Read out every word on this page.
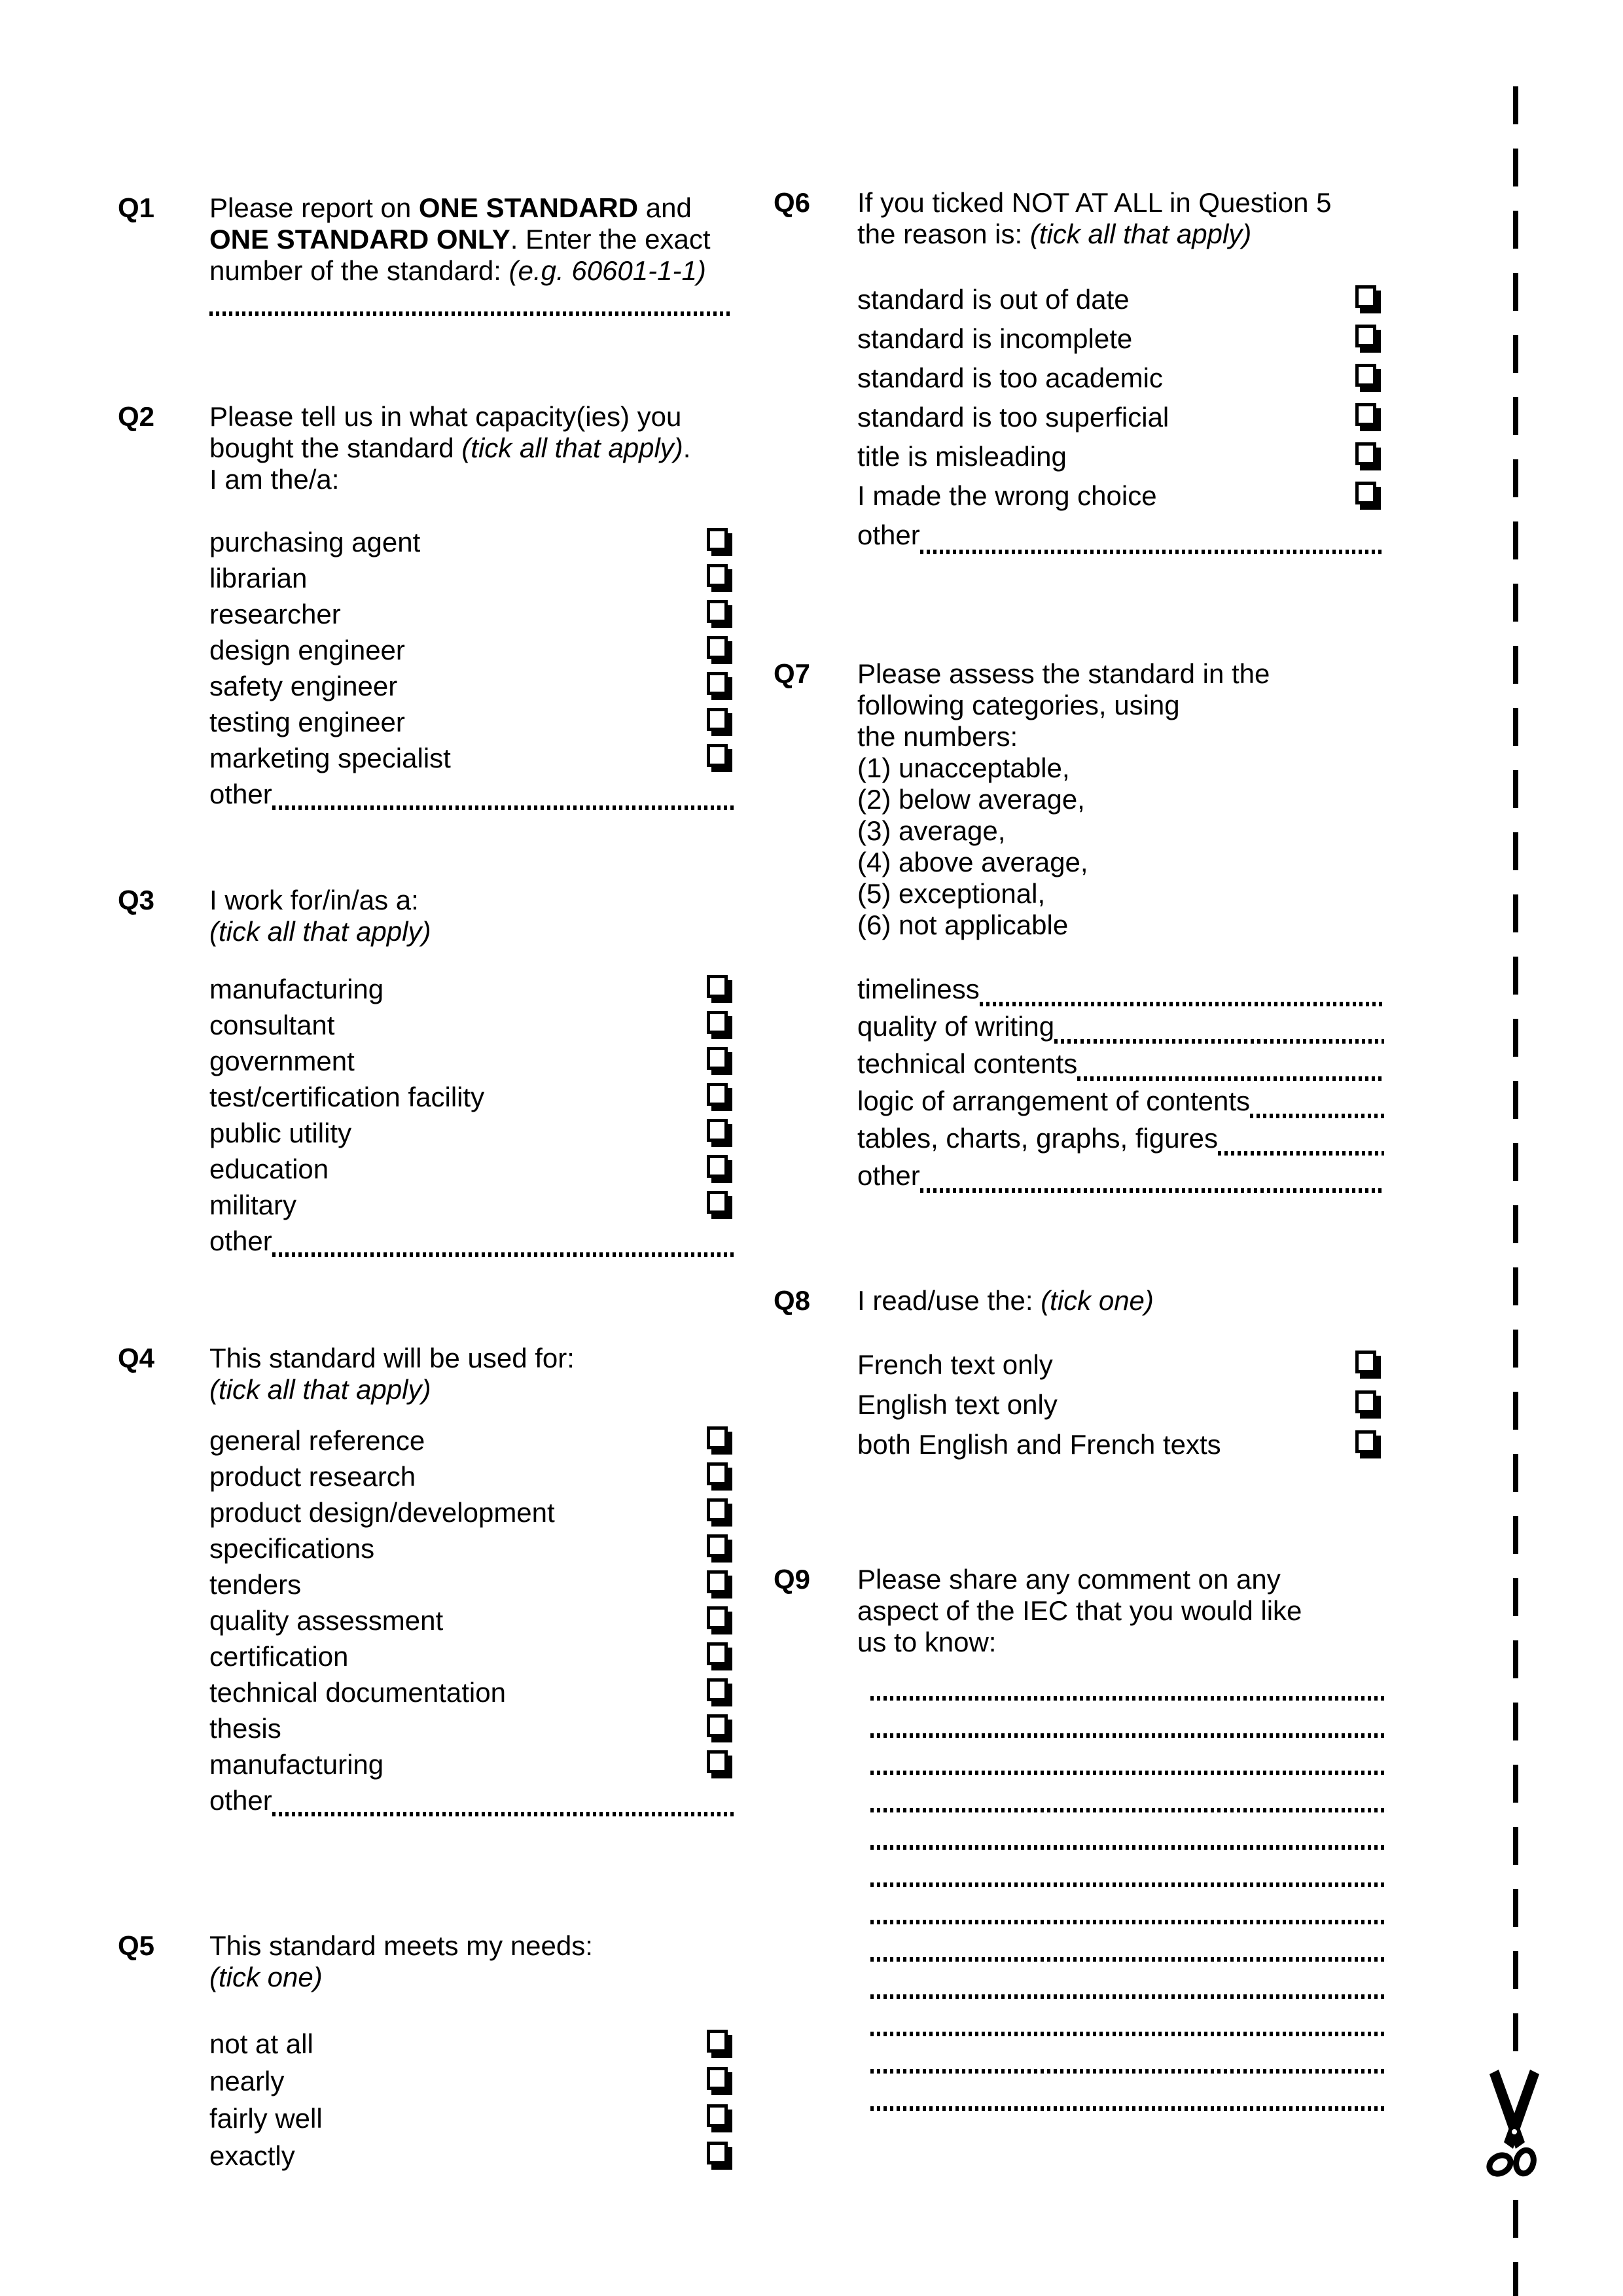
Q1	Please report on ONE STANDARD and
ONE STANDARD ONLY. Enter the exact
number of the standard: (e.g. 60601-1-1)
Q2	Please tell us in what capacity(ies) you
bought the standard (tick all that apply).
I am the/a:
purchasing agent
librarian
researcher
design engineer
safety engineer
testing engineer
marketing specialist
other
Q3	I work for/in/as a:
(tick all that apply)
manufacturing
consultant
government
test/certification facility
public utility
education
military
other
Q4	This standard will be used for:
(tick all that apply)
general reference
product research
product design/development
specifications
tenders
quality assessment
certification
technical documentation
thesis
manufacturing
other
Q5	This standard meets my needs:
(tick one)
not at all
nearly
fairly well
exactly
Q6	If you ticked NOT AT ALL in Question 5
the reason is: (tick all that apply)
standard is out of date
standard is incomplete
standard is too academic
standard is too superficial
title is misleading
I made the wrong choice
other
Q7	Please assess the standard in the
following categories, using
the numbers:
(1) unacceptable,
(2) below average,
(3) average,
(4) above average,
(5) exceptional,
(6) not applicable
timeliness
quality of writing
technical contents
logic of arrangement of contents
tables, charts, graphs, figures
other
Q8	I read/use the: (tick one)
French text only
English text only
both English and French texts
Q9	Please share any comment on any
aspect of the IEC that you would like
us to know:
